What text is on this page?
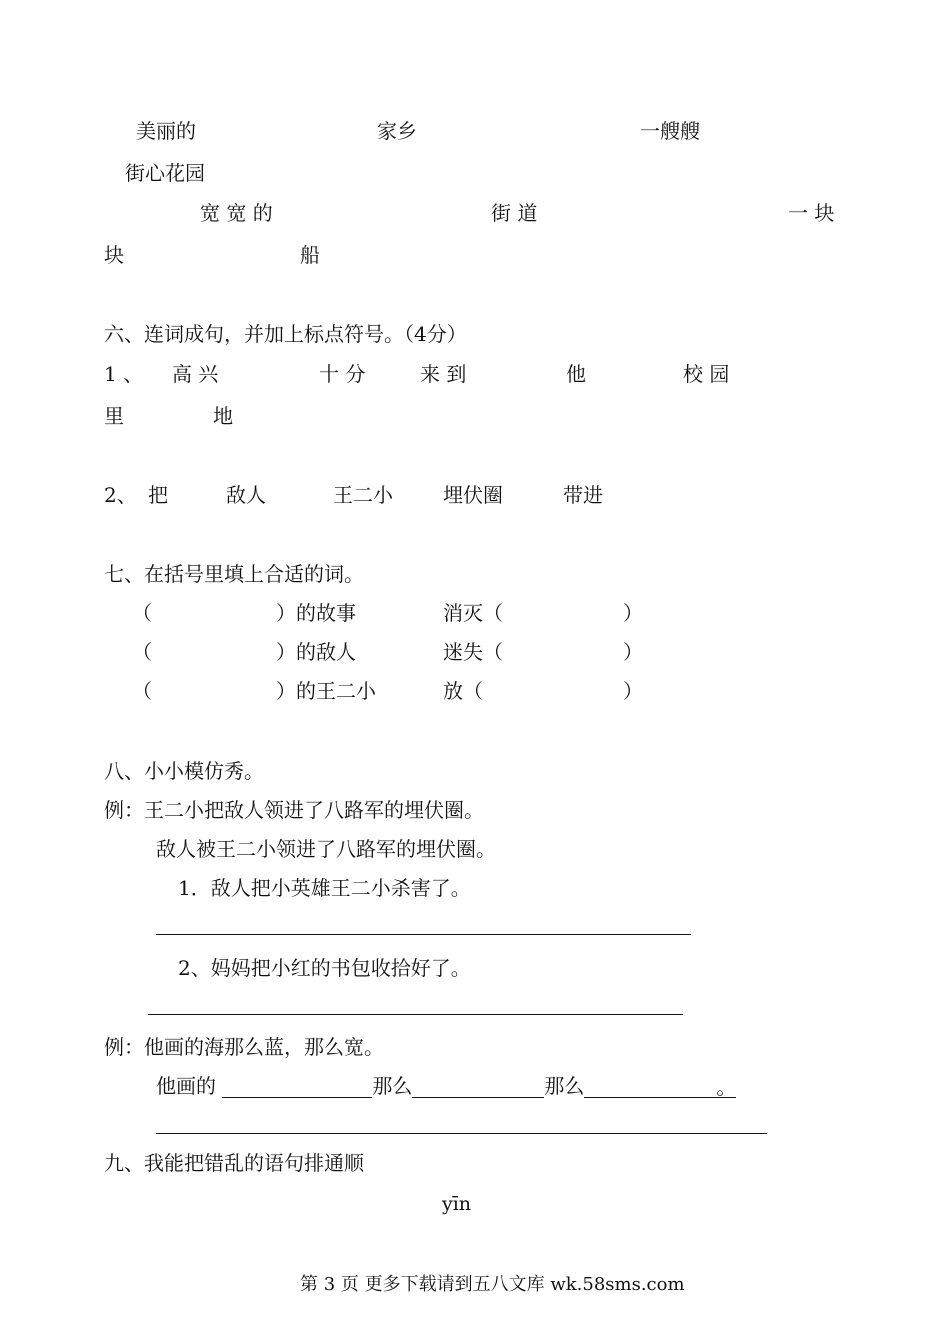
美丽的	家乡	一艘艘
街心花园
宽 宽 的	街 道	一 块
块	船
六、连词成句，并加上标点符号。（4分）
1 、 高 兴	十 分	来 到	他	校 园
里	地
2、 把	敌人	王二小	埋伏圈	带进
七、在括号里填上合适的词。
（	）的故事	消灭（	）
（	）的敌人	迷失（	）
（	）的王二小	放（	）
八、小小模仿秀。
例：王二小把敌人领进了八路军的埋伏圈。
敌人被王二小领进了八路军的埋伏圈。
1．敌人把小英雄王二小杀害了。
2、妈妈把小红的书包收拾好了。
例：他画的海那么蓝，那么宽。
他画的	那么	那么	。
九、我能把错乱的语句排通顺
yīn
第 3 页 更多下载请到五八文库 wk.58sms.com
